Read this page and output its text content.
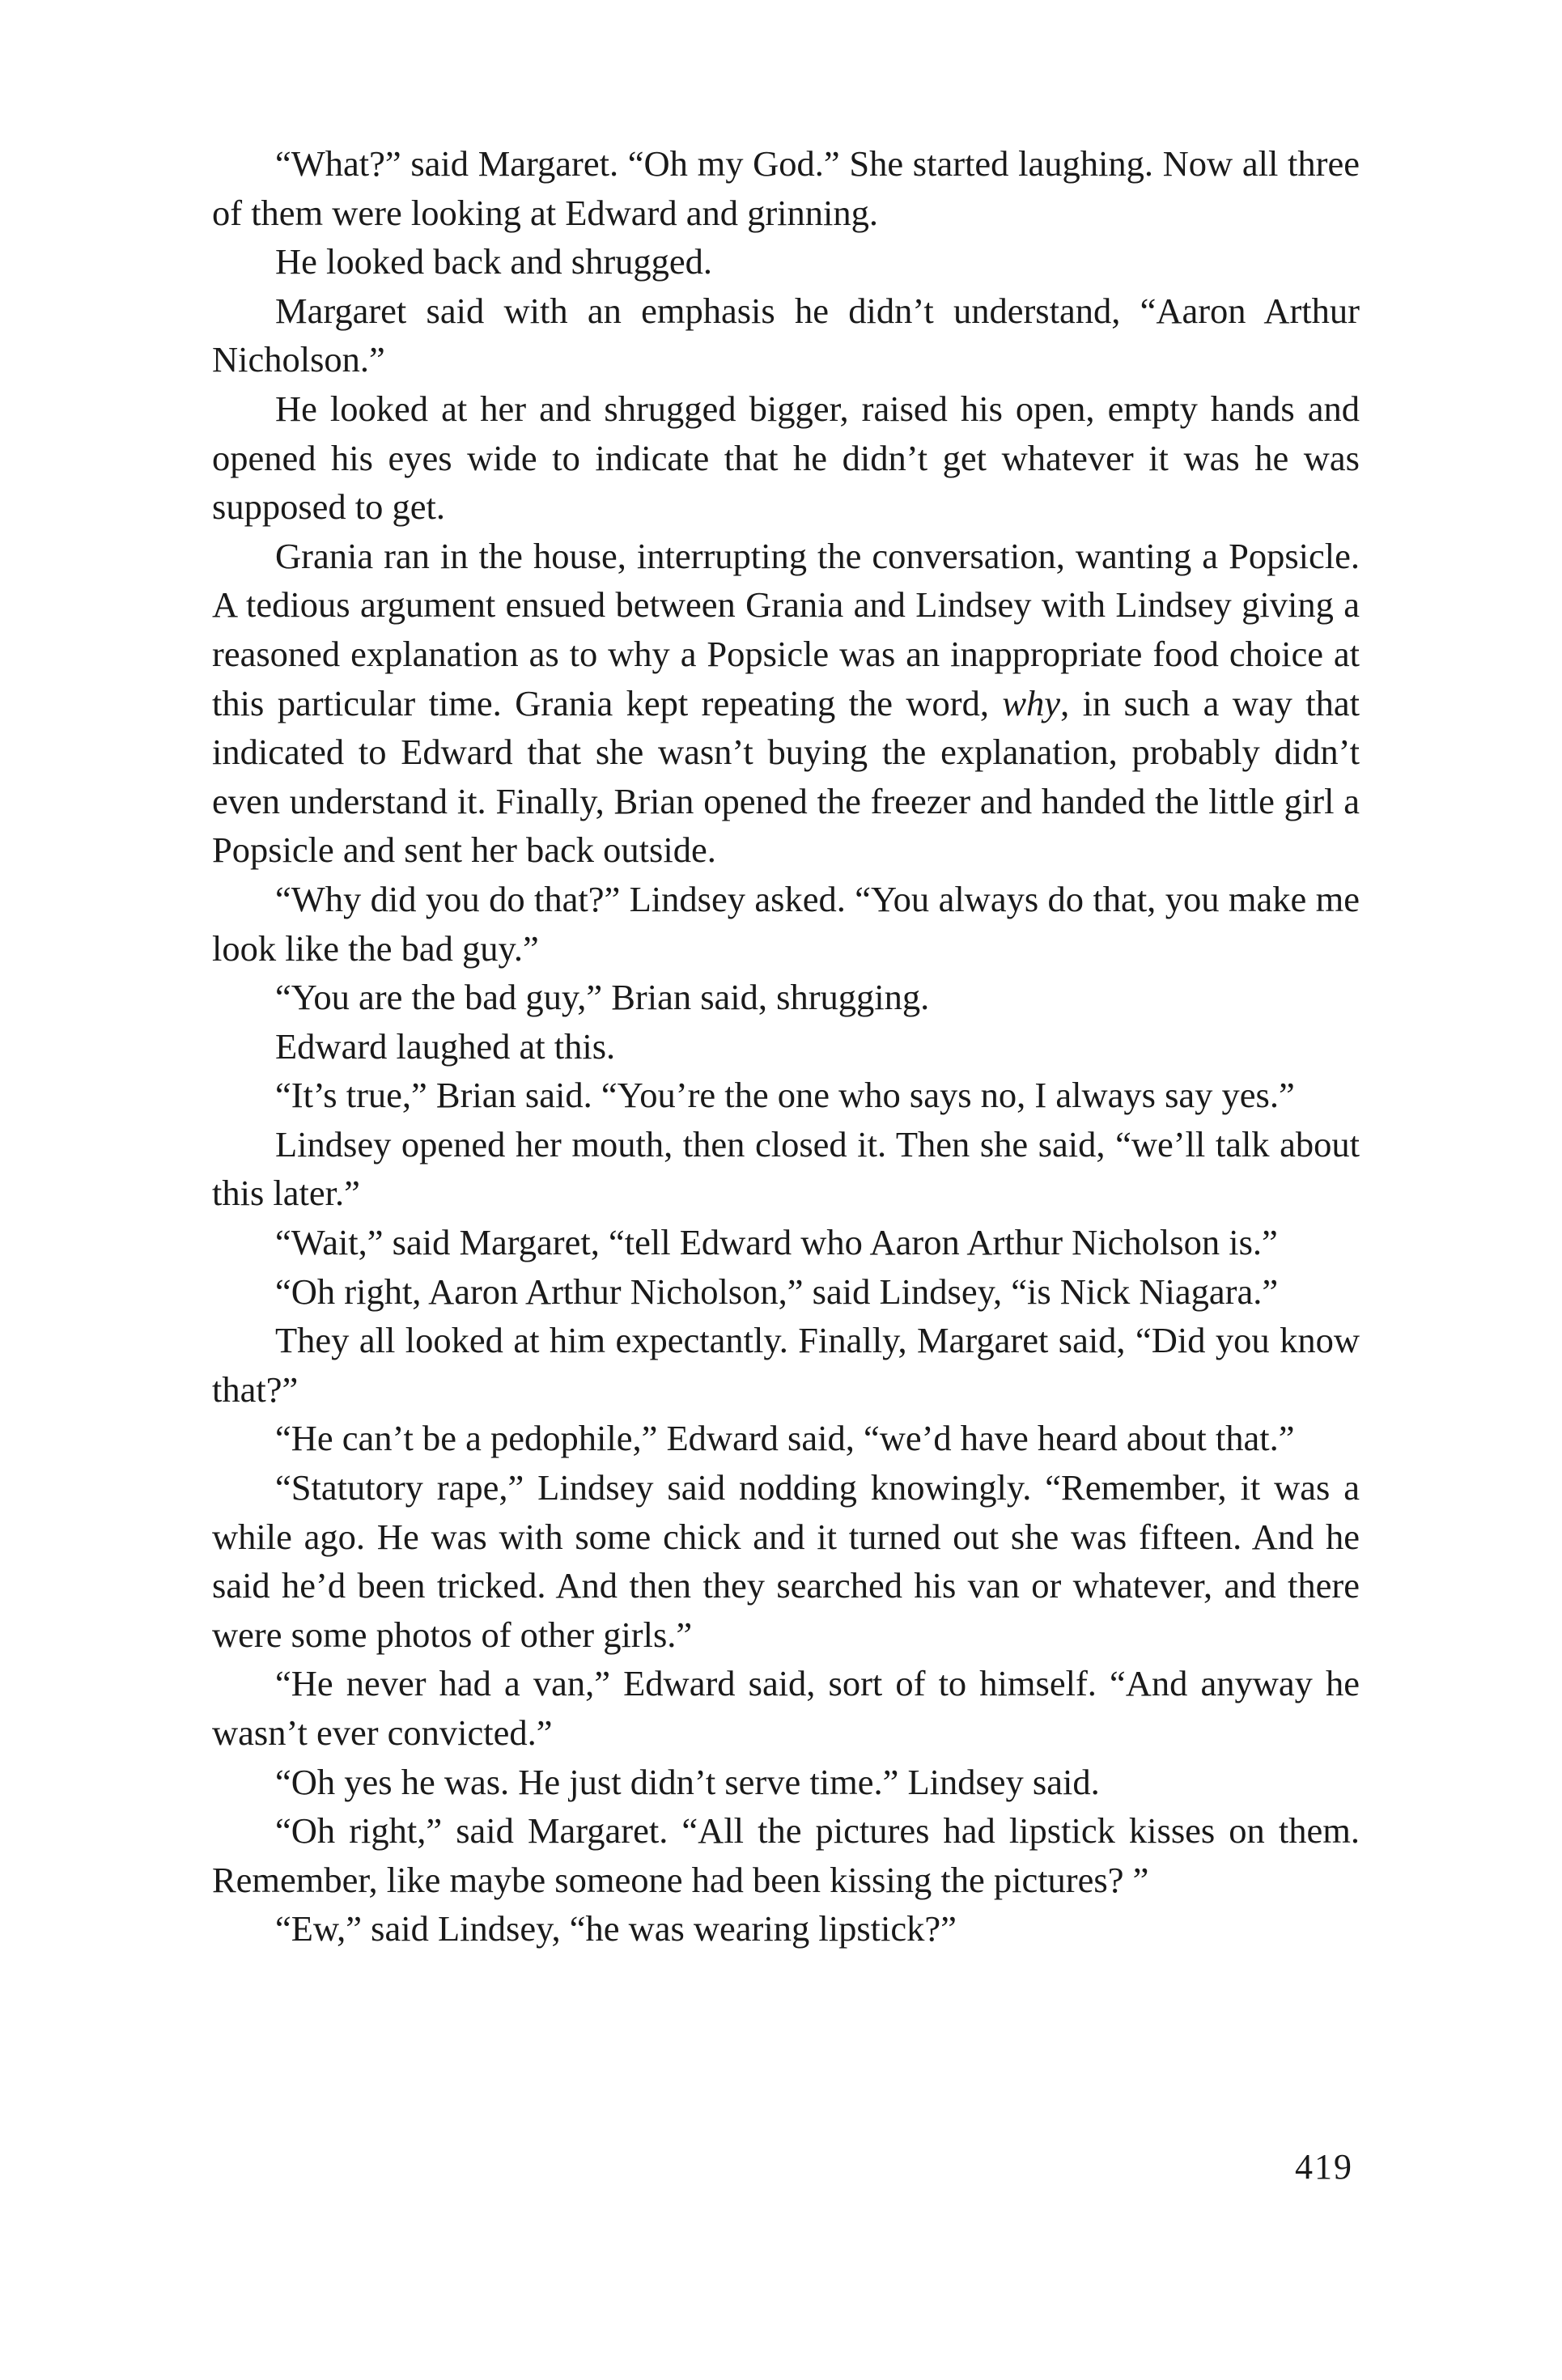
“What?” said Margaret. “Oh my God.” She started laughing. Now all three of them were looking at Edward and grinning.

He looked back and shrugged.

Margaret said with an emphasis he didn’t understand, “Aaron Arthur Nicholson.”

He looked at her and shrugged bigger, raised his open, empty hands and opened his eyes wide to indicate that he didn’t get whatever it was he was supposed to get.

Grania ran in the house, interrupting the conversation, wanting a Popsicle. A tedious argument ensued between Grania and Lindsey with Lindsey giving a reasoned explanation as to why a Popsicle was an inappropriate food choice at this particular time. Grania kept repeating the word, why, in such a way that indicated to Edward that she wasn’t buying the explanation, probably didn’t even understand it. Finally, Brian opened the freezer and handed the little girl a Popsicle and sent her back outside.

“Why did you do that?” Lindsey asked. “You always do that, you make me look like the bad guy.”

“You are the bad guy,” Brian said, shrugging.

Edward laughed at this.

“It’s true,” Brian said. “You’re the one who says no, I always say yes.”

Lindsey opened her mouth, then closed it. Then she said, “we’ll talk about this later.”

“Wait,” said Margaret, “tell Edward who Aaron Arthur Nicholson is.”

“Oh right, Aaron Arthur Nicholson,” said Lindsey, “is Nick Niagara.”

They all looked at him expectantly. Finally, Margaret said, “Did you know that?”

“He can’t be a pedophile,” Edward said, “we’d have heard about that.”

“Statutory rape,” Lindsey said nodding knowingly. “Remember, it was a while ago. He was with some chick and it turned out she was fifteen. And he said he’d been tricked. And then they searched his van or whatever, and there were some photos of other girls.”

“He never had a van,” Edward said, sort of to himself. “And anyway he wasn’t ever convicted.”

“Oh yes he was. He just didn’t serve time.” Lindsey said.

“Oh right,” said Margaret. “All the pictures had lipstick kisses on them. Remember, like maybe someone had been kissing the pictures? ”

“Ew,” said Lindsey, “he was wearing lipstick?”

419
